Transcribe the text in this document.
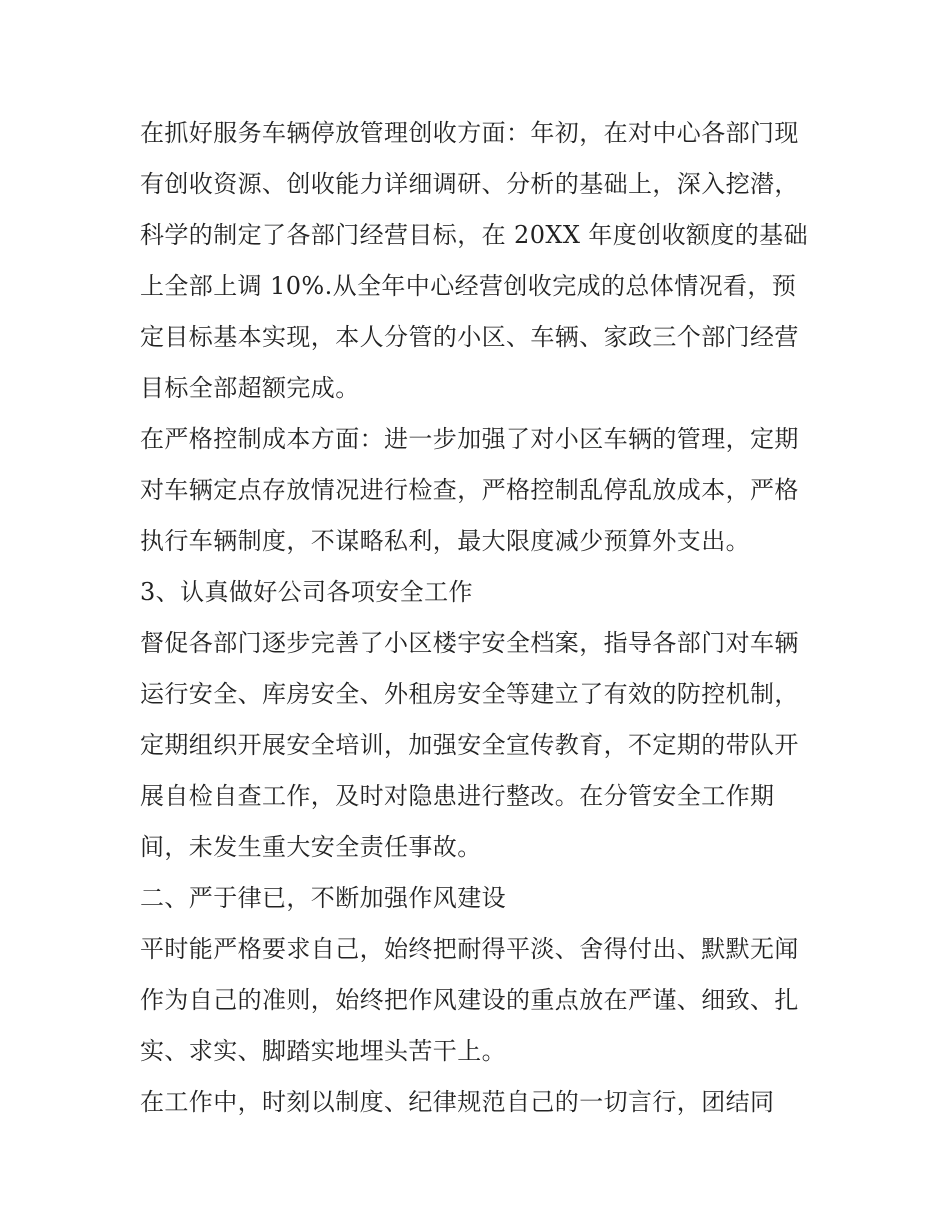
在抓好服务车辆停放管理创收方面：年初，在对中心各部门现
有创收资源、创收能力详细调研、分析的基础上，深入挖潜，
科学的制定了各部门经营目标，在 20XX 年度创收额度的基础
上全部上调 10%.从全年中心经营创收完成的总体情况看，预
定目标基本实现，本人分管的小区、车辆、家政三个部门经营
目标全部超额完成。

在严格控制成本方面：进一步加强了对小区车辆的管理，定期
对车辆定点存放情况进行检查，严格控制乱停乱放成本，严格
执行车辆制度，不谋略私利，最大限度减少预算外支出。

3、认真做好公司各项安全工作

督促各部门逐步完善了小区楼宇安全档案，指导各部门对车辆
运行安全、库房安全、外租房安全等建立了有效的防控机制，
定期组织开展安全培训，加强安全宣传教育，不定期的带队开
展自检自查工作，及时对隐患进行整改。在分管安全工作期
间，未发生重大安全责任事故。

二、严于律已，不断加强作风建设

平时能严格要求自己，始终把耐得平淡、舍得付出、默默无闻
作为自己的准则，始终把作风建设的重点放在严谨、细致、扎
实、求实、脚踏实地埋头苦干上。

在工作中，时刻以制度、纪律规范自己的一切言行，团结同
